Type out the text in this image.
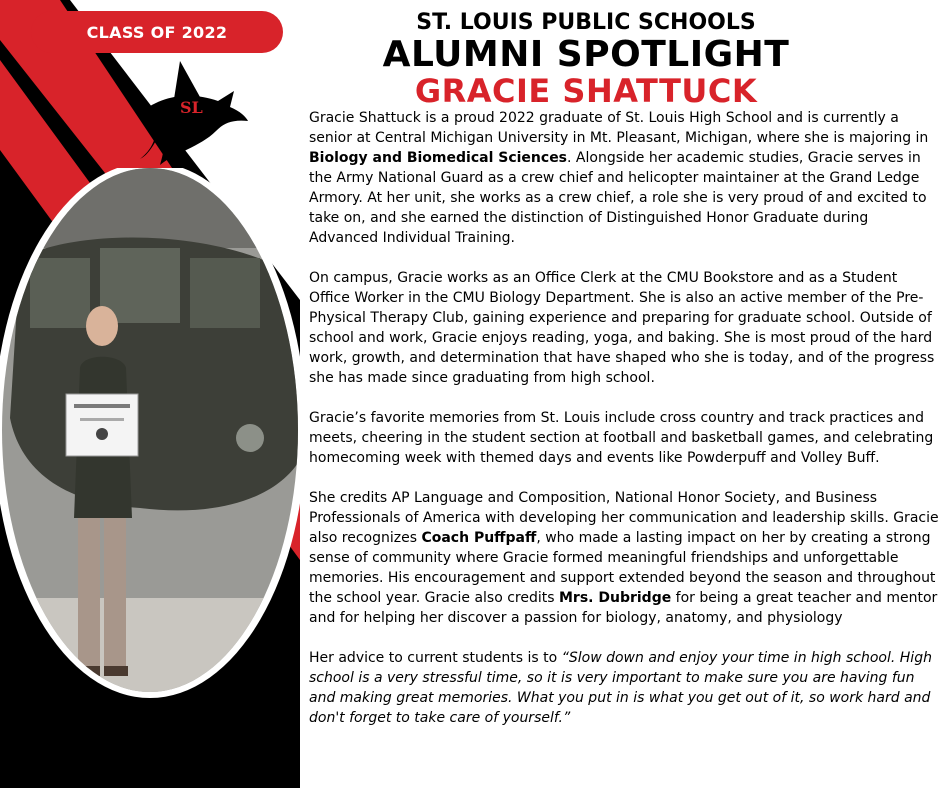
CLASS OF 2022
SL
ST. LOUIS PUBLIC SCHOOLS
ALUMNI SPOTLIGHT
GRACIE SHATTUCK

Gracie Shattuck is a proud 2022 graduate of St. Louis High School and is currently a senior at Central Michigan University in Mt. Pleasant, Michigan, where she is majoring in Biology and Biomedical Sciences. Alongside her academic studies, Gracie serves in the Army National Guard as a crew chief and helicopter maintainer at the Grand Ledge Armory. At her unit, she works as a crew chief, a role she is very proud of and excited to take on, and she earned the distinction of Distinguished Honor Graduate during Advanced Individual Training.

On campus, Gracie works as an Office Clerk at the CMU Bookstore and as a Student Office Worker in the CMU Biology Department. She is also an active member of the Pre-Physical Therapy Club, gaining experience and preparing for graduate school. Outside of school and work, Gracie enjoys reading, yoga, and baking. She is most proud of the hard work, growth, and determination that have shaped who she is today, and of the progress she has made since graduating from high school.

Gracie’s favorite memories from St. Louis include cross country and track practices and meets, cheering in the student section at football and basketball games, and celebrating homecoming week with themed days and events like Powderpuff and Volley Buff.

She credits AP Language and Composition, National Honor Society, and Business Professionals of America with developing her communication and leadership skills. Gracie also recognizes Coach Puffpaff, who made a lasting impact on her by creating a strong sense of community where Gracie formed meaningful friendships and unforgettable memories. His encouragement and support extended beyond the season and throughout the school year. Gracie also credits Mrs. Dubridge for being a great teacher and mentor and for helping her discover a passion for biology, anatomy, and physiology

Her advice to current students is to “Slow down and enjoy your time in high school. High school is a very stressful time, so it is very important to make sure you are having fun and making great memories. What you put in is what you get out of it, so work hard and don't forget to take care of yourself.”
